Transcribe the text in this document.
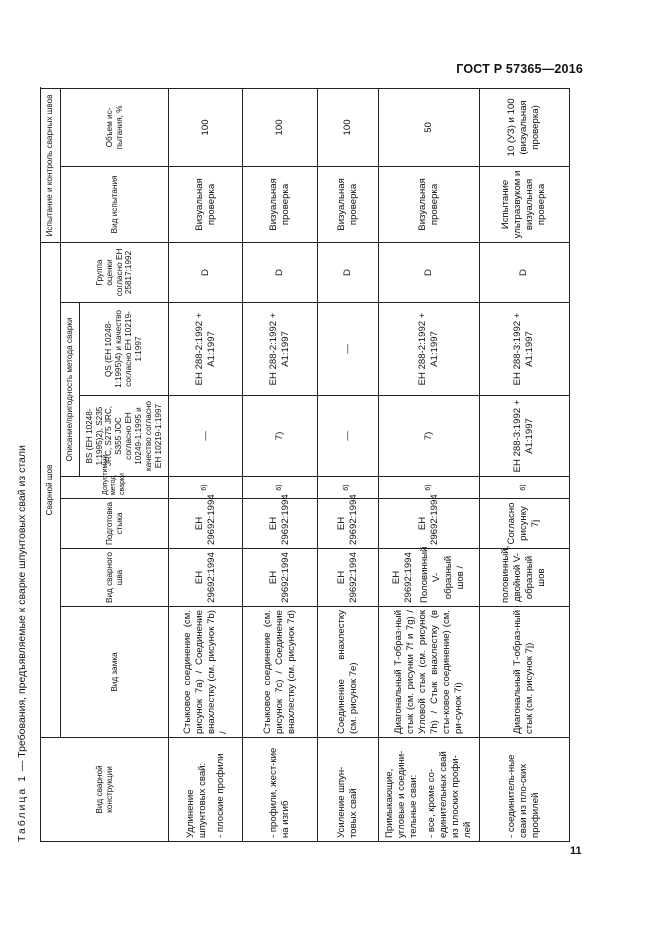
ГОСТ Р 57365—2016
Таблица 1 — Требования, предъявляемые к сварке шпунтовых свай из стали
Вид сварной конструкции	Сварной шов							Испытание и контроль сварных швов	
	Вид замка	Вид сварного шва	Подготовка стыка	Допустимый метод сварки	Описание/пригодность метода сварки		Группа оценки согласно ЕН 25817:1992	Вид испытания	Объем ис-пытания, %
					BS (ЕН 10248-1:1995)2), S235 JRC, S275 JRC, S355 JOC согласно ЕН 10249-1:1995 и качество согласно ЕН 10219-1:1997	QS (ЕН 10248-1:1995)4) и качество согласно ЕН 10219-1:1997			

Удлинение шпунтовых свай: - плоские профили	Стыковое соединение (см. рисунок 7a) / Соединение внахлестку (см. рисунок 7b) /	ЕН 29692:1994	ЕН 29692:1994	6)	—	ЕН 288-2:1992 + А1:1997	D	Визуальная проверка	100
- профили, жест-кие на изгиб	Стыковое соединение (см. рисунок 7c) / Соединение внахлестку (см. рисунок 7d)	ЕН 29692:1994	ЕН 29692:1994	6)	7)	ЕН 288-2:1992 + А1:1997	D	Визуальная проверка	100
Усиление шпун-товых свай	Соединение внахлестку (см. рисунок 7e)	ЕН 29692:1994	ЕН 29692:1994	6)	—	—	D	Визуальная проверка	100

Примыкающие, угловые и соедини-тельные сваи: - все, кроме со-единительных свай из плоских профи-лей	Диагональный Т-образ-ный стык (см. рисунки 7f и 7g) / Угловой стык (см. рисунок 7h) / Стык внахлестку (в сты-ковое соединение) (см. ри-сунок 7i)	ЕН 29692:1994 Половинный V-образный шов /	ЕН 29692:1994	6)	7)	ЕН 288-2:1992 + А1:1997	D	Визуальная проверка	50
- соединитель-ные сваи из пло-ских профилей	Диагональный Т-образ-ный стык (см. рисунок 7j)	половинный, двойной V-образный шов	Согласно рисунку 7j	6)	ЕН 288-3:1992 + А1:1997	ЕН 288-3:1992 + А1:1997	D	Испытание ультразвуком и визуальная проверка	10 (УЗ) и 100 (визуальная проверка)
11
